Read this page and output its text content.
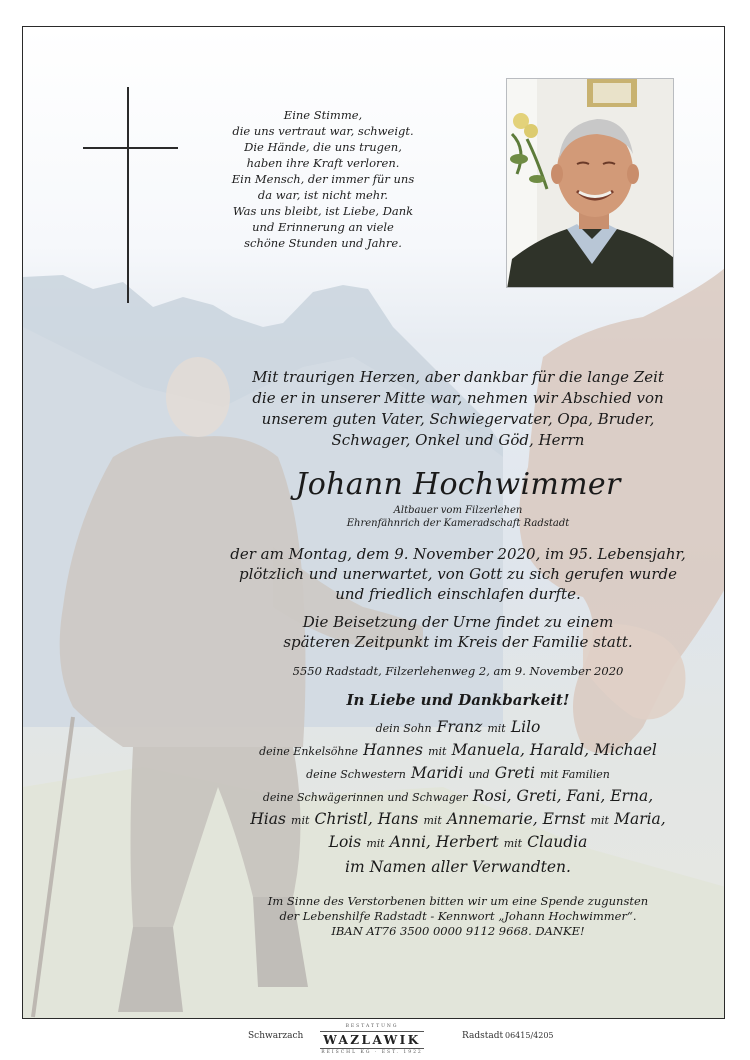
Eine Stimme,
die uns vertraut war, schweigt.
Die Hände, die uns trugen,
haben ihre Kraft verloren.
Ein Mensch, der immer für uns
da war, ist nicht mehr.
Was uns bleibt, ist Liebe, Dank
und Erinnerung an viele
schöne Stunden und Jahre.
Mit traurigen Herzen, aber dankbar für die lange Zeit
die er in unserer Mitte war, nehmen wir Abschied von
unserem guten Vater, Schwiegervater, Opa, Bruder,
Schwager, Onkel und Göd, Herrn
Johann Hochwimmer
Altbauer vom Filzerlehen
Ehrenfähnrich der Kameradschaft Radstadt
der am Montag, dem 9. November 2020, im 95. Lebensjahr,
plötzlich und unerwartet, von Gott zu sich gerufen wurde
und friedlich einschlafen durfte.
Die Beisetzung der Urne findet zu einem
späteren Zeitpunkt im Kreis der Familie statt.
5550 Radstadt, Filzerlehenweg 2, am 9. November 2020
In Liebe und Dankbarkeit!
dein Sohn Franz mit Lilo
deine Enkelsöhne Hannes mit Manuela, Harald, Michael
deine Schwestern Maridi und Greti mit Familien
deine Schwägerinnen und Schwager Rosi, Greti, Fani, Erna,
Hias mit Christl, Hans mit Annemarie, Ernst mit Maria,
Lois mit Anni, Herbert mit Claudia
im Namen aller Verwandten.
Im Sinne des Verstorbenen bitten wir um eine Spende zugunsten
der Lebenshilfe Radstadt - Kennwort „Johann Hochwimmer“.
IBAN AT76 3500 0000 9112 9668. DANKE!
Schwarzach
BESTATTUNG
WAZLAWIK
REISCHL KG · EST. 1922
Radstadt 06415/4205
